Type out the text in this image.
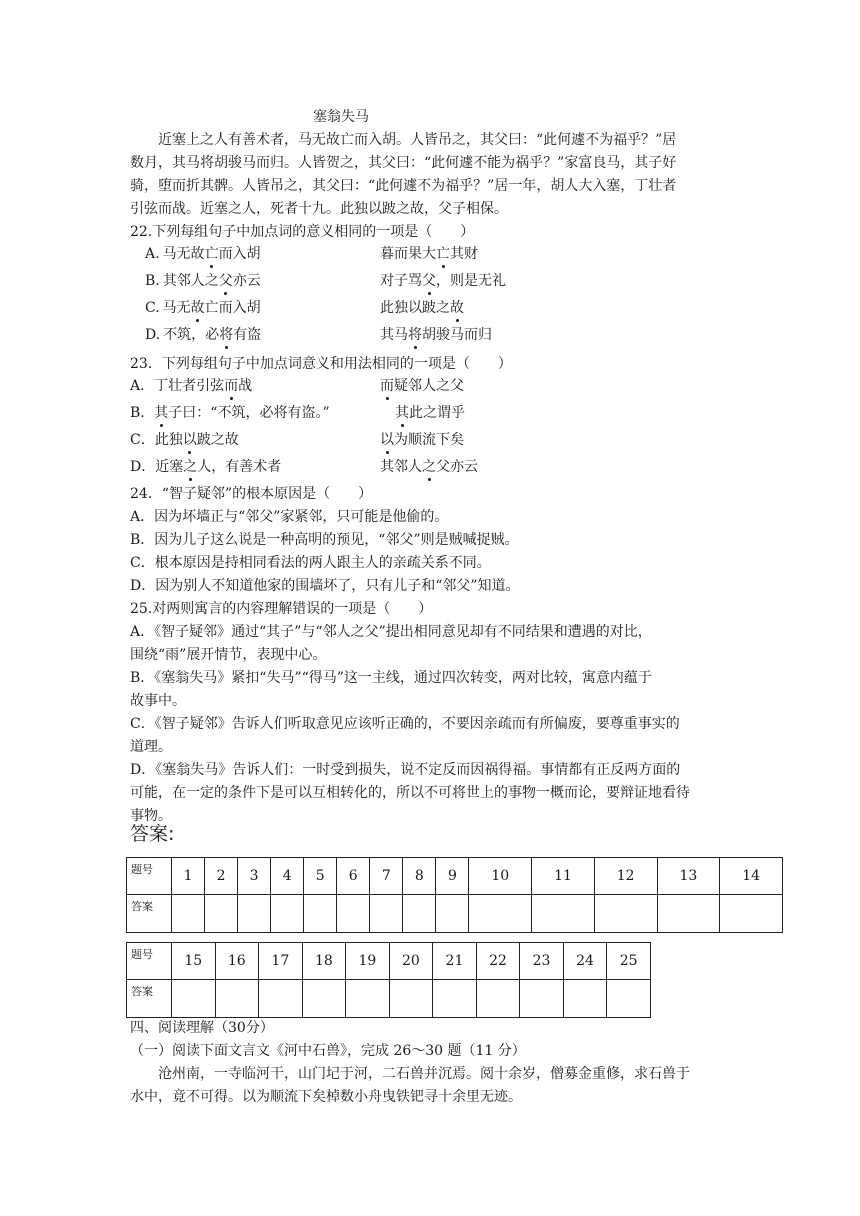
塞翁失马
近塞上之人有善术者，马无故亡而入胡。人皆吊之，其父曰：“此何遽不为福乎？”居
数月，其马将胡骏马而归。人皆贺之，其父曰：“此何遽不能为祸乎？”家富良马，其子好
骑，堕而折其髀。人皆吊之，其父曰：“此何遽不为福乎？”居一年，胡人大入塞，丁壮者
引弦而战。近塞之人，死者十九。此独以跛之故，父子相保。
22.下列每组句子中加点词的意义相同的一项是（　　）
A. 马无故亡而入胡	暮而果大亡其财
B. 其邻人之父亦云	对子骂父，则是无礼
C. 马无故亡而入胡	此独以跛之故
D. 不筑，必将有盗	其马将胡骏马而归
23．下列每组句子中加点词意义和用法相同的一项是（　　）
A．丁壮者引弦而战	而疑邻人之父
B．其子曰：“不筑，必将有盗。”	其此之谓乎
C．此独以跛之故	以为顺流下矣
D．近塞之人，有善术者	其邻人之父亦云
24．“智子疑邻”的根本原因是（　　）
A．因为坏墙正与“邻父”家紧邻，只可能是他偷的。
B．因为儿子这么说是一种高明的预见，“邻父”则是贼喊捉贼。
C．根本原因是持相同看法的两人跟主人的亲疏关系不同。
D．因为别人不知道他家的围墙坏了，只有儿子和“邻父”知道。
25.对两则寓言的内容理解错误的一项是（　　）
A．《智子疑邻》通过“其子”与“邻人之父”提出相同意见却有不同结果和遭遇的对比，
围绕“雨”展开情节，表现中心。
B．《塞翁失马》紧扣“失马”“得马”这一主线，通过四次转变，两对比较，寓意内蕴于
故事中。
C．《智子疑邻》告诉人们听取意见应该听正确的，不要因亲疏而有所偏废，要尊重事实的
道理。
D．《塞翁失马》告诉人们：一时受到损失，说不定反而因祸得福。事情都有正反两方面的
可能，在一定的条件下是可以互相转化的，所以不可将世上的事物一概而论，要辩证地看待
事物。
答案:
题号	1	2	3	4	5	6	7	8	9	10	11	12	13	14
答案														
题号	15	16	17	18	19	20	21	22	23	24	25
答案											
四、阅读理解（30分）
（一）阅读下面文言文《河中石兽》，完成 26～30 题（11 分）
沧州南，一寺临河干，山门圮于河，二石兽并沉焉。阅十余岁，僧募金重修，求石兽于
水中，竟不可得。以为顺流下矣棹数小舟曳铁钯寻十余里无迹。
